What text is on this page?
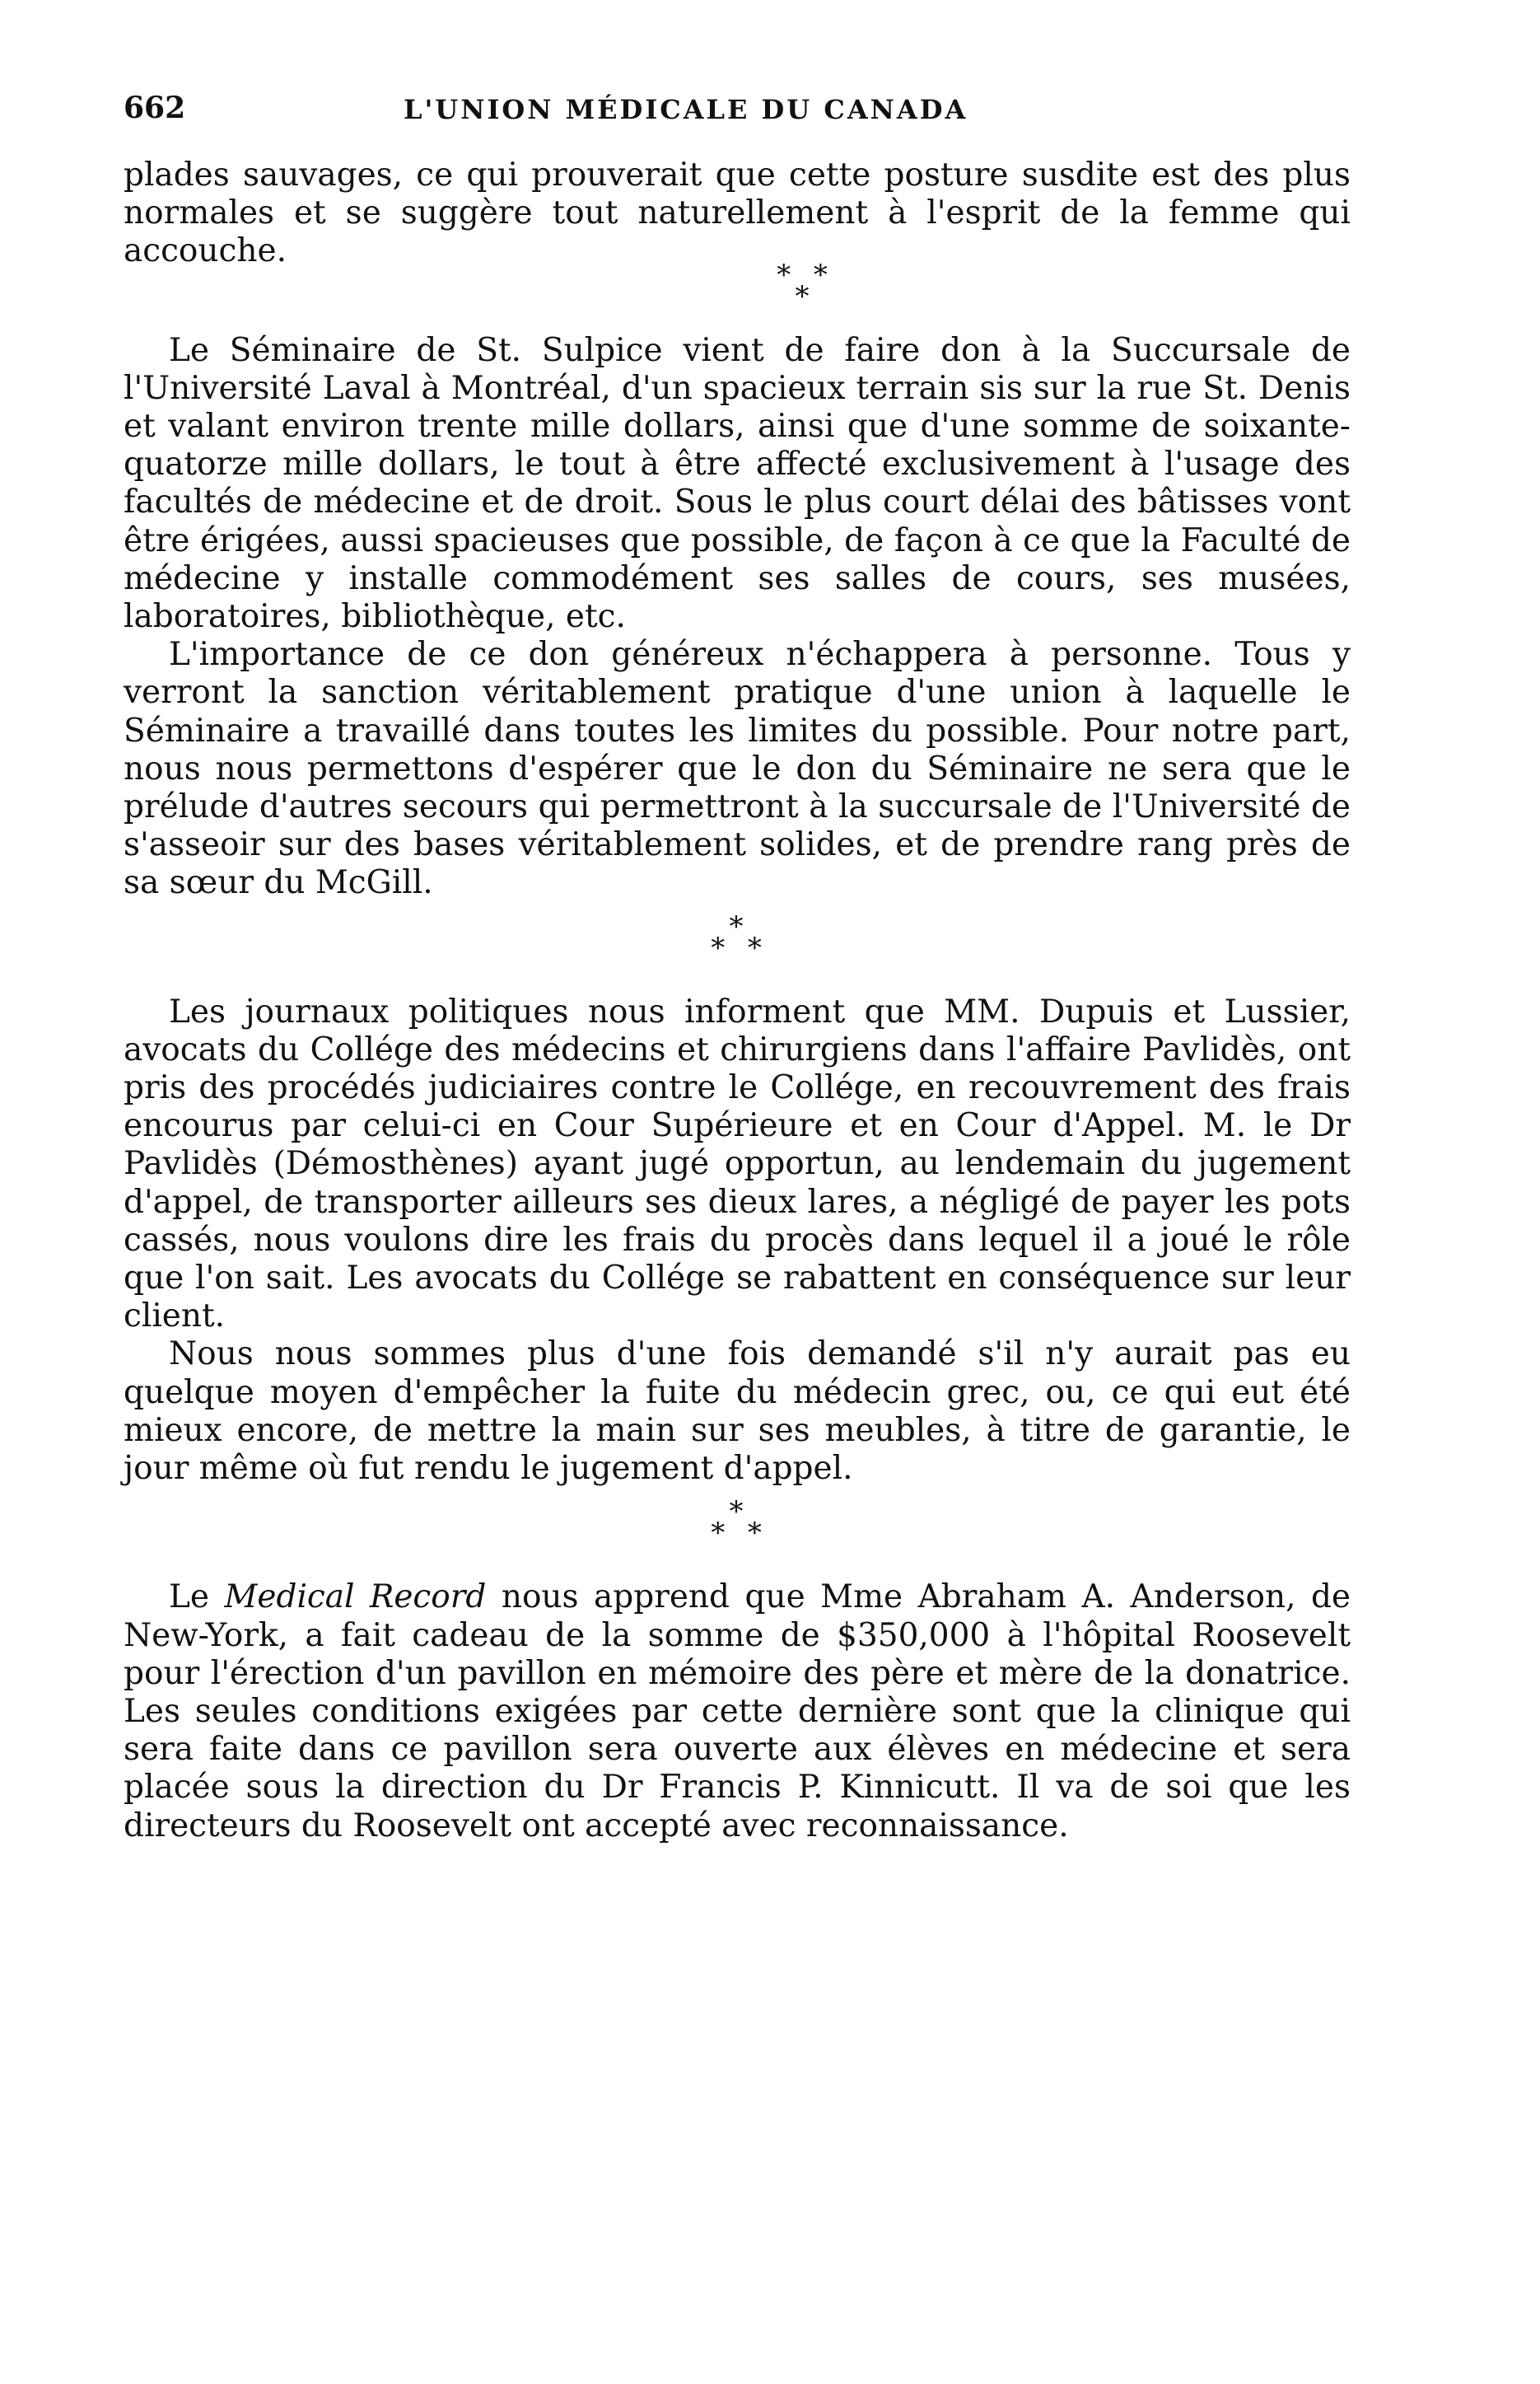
662	L'UNION MÉDICALE DU CANADA

plades sauvages, ce qui prouverait que cette posture susdite est des plus normales et se suggère tout naturellement à l'esprit de la femme qui accouche.

* *
*

Le Séminaire de St. Sulpice vient de faire don à la Succursale de l'Université Laval à Montréal, d'un spacieux terrain sis sur la rue St. Denis et valant environ trente mille dollars, ainsi que d'une somme de soixante-quatorze mille dollars, le tout à être affecté exclusivement à l'usage des facultés de médecine et de droit. Sous le plus court délai des bâtisses vont être érigées, aussi spacieuses que possible, de façon à ce que la Faculté de médecine y installe commodément ses salles de cours, ses musées, laboratoires, bibliothèque, etc.

L'importance de ce don généreux n'échappera à personne. Tous y verront la sanction véritablement pratique d'une union à laquelle le Séminaire a travaillé dans toutes les limites du possible. Pour notre part, nous nous permettons d'espérer que le don du Séminaire ne sera que le prélude d'autres secours qui permettront à la succursale de l'Université de s'asseoir sur des bases véritablement solides, et de prendre rang près de sa sœur du McGill.

*
* *

Les journaux politiques nous informent que MM. Dupuis et Lussier, avocats du Collége des médecins et chirurgiens dans l'affaire Pavlidès, ont pris des procédés judiciaires contre le Collége, en recouvrement des frais encourus par celui-ci en Cour Supérieure et en Cour d'Appel. M. le Dr Pavlidès (Démosthènes) ayant jugé opportun, au lendemain du jugement d'appel, de transporter ailleurs ses dieux lares, a négligé de payer les pots cassés, nous voulons dire les frais du procès dans lequel il a joué le rôle que l'on sait. Les avocats du Collége se rabattent en conséquence sur leur client.

Nous nous sommes plus d'une fois demandé s'il n'y aurait pas eu quelque moyen d'empêcher la fuite du médecin grec, ou, ce qui eut été mieux encore, de mettre la main sur ses meubles, à titre de garantie, le jour même où fut rendu le jugement d'appel.

*
* *

Le Medical Record nous apprend que Mme Abraham A. Anderson, de New-York, a fait cadeau de la somme de $350,000 à l'hôpital Roosevelt pour l'érection d'un pavillon en mémoire des père et mère de la donatrice. Les seules conditions exigées par cette dernière sont que la clinique qui sera faite dans ce pavillon sera ouverte aux élèves en médecine et sera placée sous la direction du Dr Francis P. Kinnicutt. Il va de soi que les directeurs du Roosevelt ont accepté avec reconnaissance.
